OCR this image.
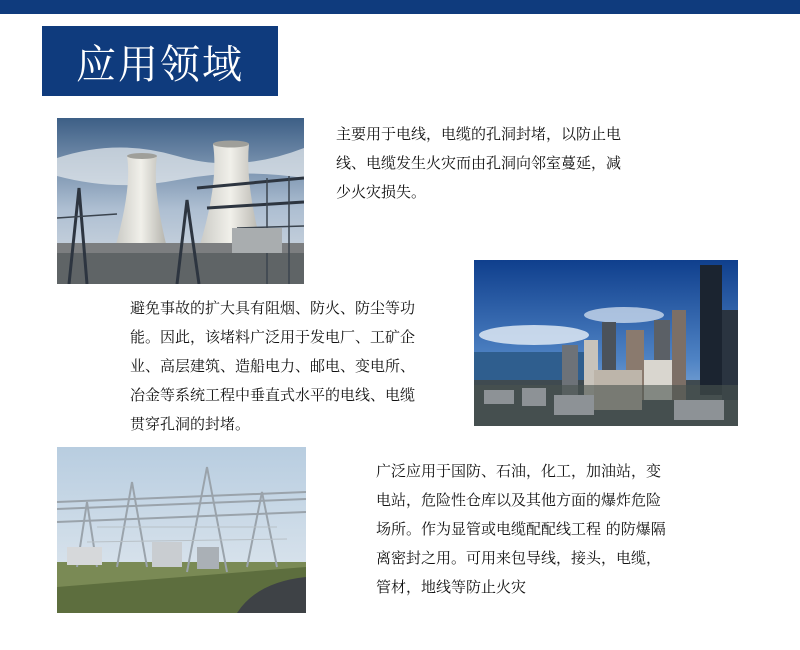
应用领域
主要用于电线，电缆的孔洞封堵，以防止电
线、电缆发生火灾而由孔洞向邻室蔓延，减
少火灾损失。
避免事故的扩大具有阻烟、防火、防尘等功
能。因此，该堵料广泛用于发电厂、工矿企
业、高层建筑、造船电力、邮电、变电所、
冶金等系统工程中垂直式水平的电线、电缆
贯穿孔洞的封堵。
广泛应用于国防、石油，化工，加油站，变
电站，危险性仓库以及其他方面的爆炸危险
场所。作为显管或电缆配配线工程 的防爆隔
离密封之用。可用来包导线，接头，电缆，
管材，地线等防止火灾
